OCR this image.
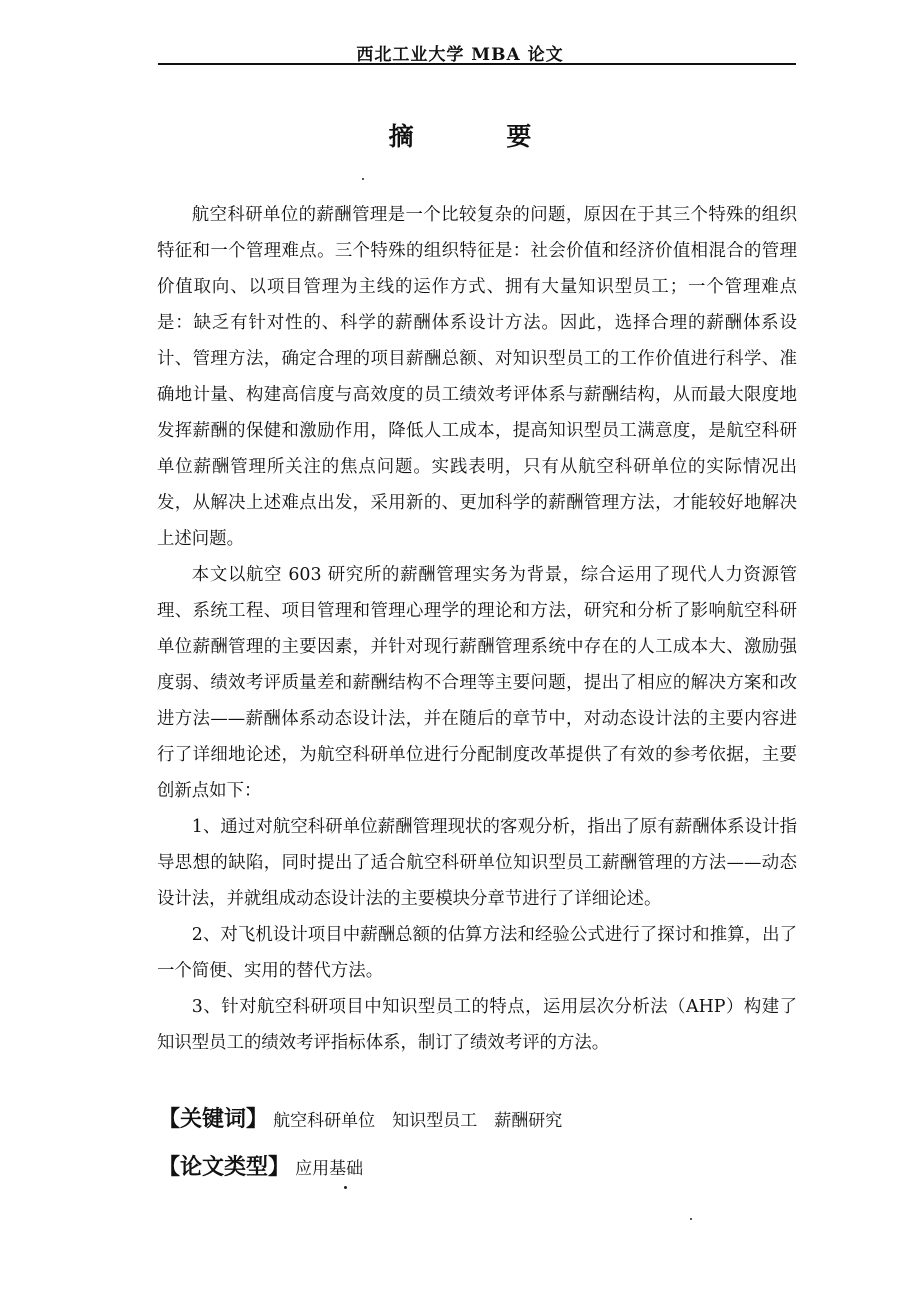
西北工业大学 MBA 论文
摘 要

航空科研单位的薪酬管理是一个比较复杂的问题，原因在于其三个特殊的组织特征和一个管理难点。三个特殊的组织特征是：社会价值和经济价值相混合的管理价值取向、以项目管理为主线的运作方式、拥有大量知识型员工；一个管理难点是：缺乏有针对性的、科学的薪酬体系设计方法。因此，选择合理的薪酬体系设计、管理方法，确定合理的项目薪酬总额、对知识型员工的工作价值进行科学、准确地计量、构建高信度与高效度的员工绩效考评体系与薪酬结构，从而最大限度地发挥薪酬的保健和激励作用，降低人工成本，提高知识型员工满意度，是航空科研单位薪酬管理所关注的焦点问题。实践表明，只有从航空科研单位的实际情况出发，从解决上述难点出发，采用新的、更加科学的薪酬管理方法，才能较好地解决上述问题。

本文以航空 603 研究所的薪酬管理实务为背景，综合运用了现代人力资源管理、系统工程、项目管理和管理心理学的理论和方法，研究和分析了影响航空科研单位薪酬管理的主要因素，并针对现行薪酬管理系统中存在的人工成本大、激励强度弱、绩效考评质量差和薪酬结构不合理等主要问题，提出了相应的解决方案和改进方法——薪酬体系动态设计法，并在随后的章节中，对动态设计法的主要内容进行了详细地论述，为航空科研单位进行分配制度改革提供了有效的参考依据，主要创新点如下：

1、通过对航空科研单位薪酬管理现状的客观分析，指出了原有薪酬体系设计指导思想的缺陷，同时提出了适合航空科研单位知识型员工薪酬管理的方法——动态设计法，并就组成动态设计法的主要模块分章节进行了详细论述。

2、对飞机设计项目中薪酬总额的估算方法和经验公式进行了探讨和推算，出了一个简便、实用的替代方法。

3、针对航空科研项目中知识型员工的特点，运用层次分析法（AHP）构建了知识型员工的绩效考评指标体系，制订了绩效考评的方法。

【关键词】 航空科研单位 知识型员工 薪酬研究
【论文类型】 应用基础
